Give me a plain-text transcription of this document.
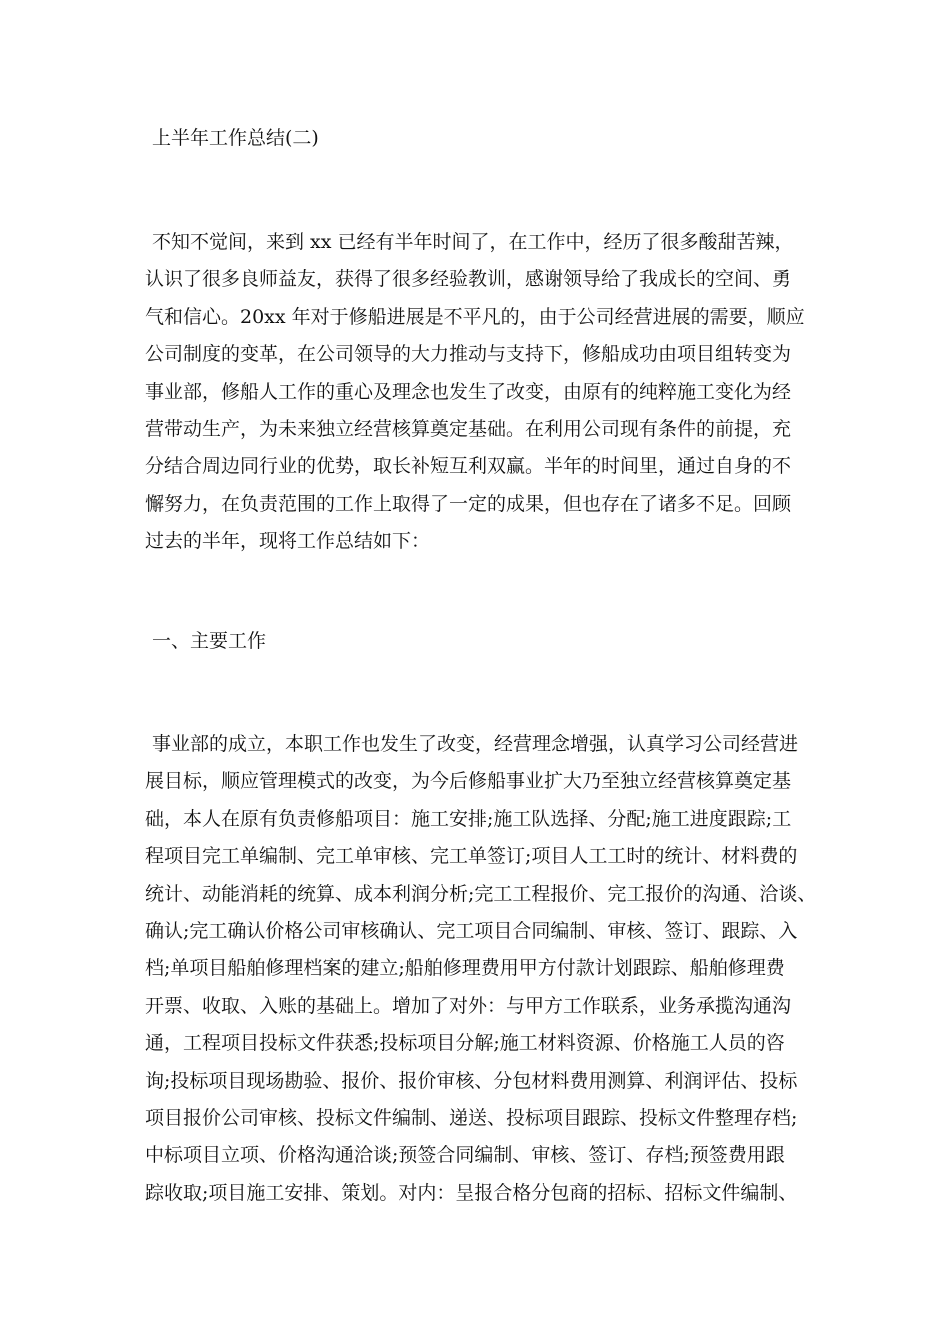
上半年工作总结(二)
不知不觉间，来到 xx 已经有半年时间了，在工作中，经历了很多酸甜苦辣，
认识了很多良师益友，获得了很多经验教训，感谢领导给了我成长的空间、勇
气和信心。20xx 年对于修船进展是不平凡的，由于公司经营进展的需要，顺应
公司制度的变革，在公司领导的大力推动与支持下，修船成功由项目组转变为
事业部，修船人工作的重心及理念也发生了改变，由原有的纯粹施工变化为经
营带动生产，为未来独立经营核算奠定基础。在利用公司现有条件的前提，充
分结合周边同行业的优势，取长补短互利双赢。半年的时间里，通过自身的不
懈努力，在负责范围的工作上取得了一定的成果，但也存在了诸多不足。回顾
过去的半年，现将工作总结如下：
一、主要工作
事业部的成立，本职工作也发生了改变，经营理念增强，认真学习公司经营进
展目标，顺应管理模式的改变，为今后修船事业扩大乃至独立经营核算奠定基
础，本人在原有负责修船项目：施工安排;施工队选择、分配;施工进度跟踪;工
程项目完工单编制、完工单审核、完工单签订;项目人工工时的统计、材料费的
统计、动能消耗的统算、成本利润分析;完工工程报价、完工报价的沟通、洽谈、
确认;完工确认价格公司审核确认、完工项目合同编制、审核、签订、跟踪、入
档;单项目船舶修理档案的建立;船舶修理费用甲方付款计划跟踪、船舶修理费
开票、收取、入账的基础上。增加了对外：与甲方工作联系，业务承揽沟通沟
通，工程项目投标文件获悉;投标项目分解;施工材料资源、价格施工人员的咨
询;投标项目现场勘验、报价、报价审核、分包材料费用测算、利润评估、投标
项目报价公司审核、投标文件编制、递送、投标项目跟踪、投标文件整理存档;
中标项目立项、价格沟通洽谈;预签合同编制、审核、签订、存档;预签费用跟
踪收取;项目施工安排、策划。对内：呈报合格分包商的招标、招标文件编制、
